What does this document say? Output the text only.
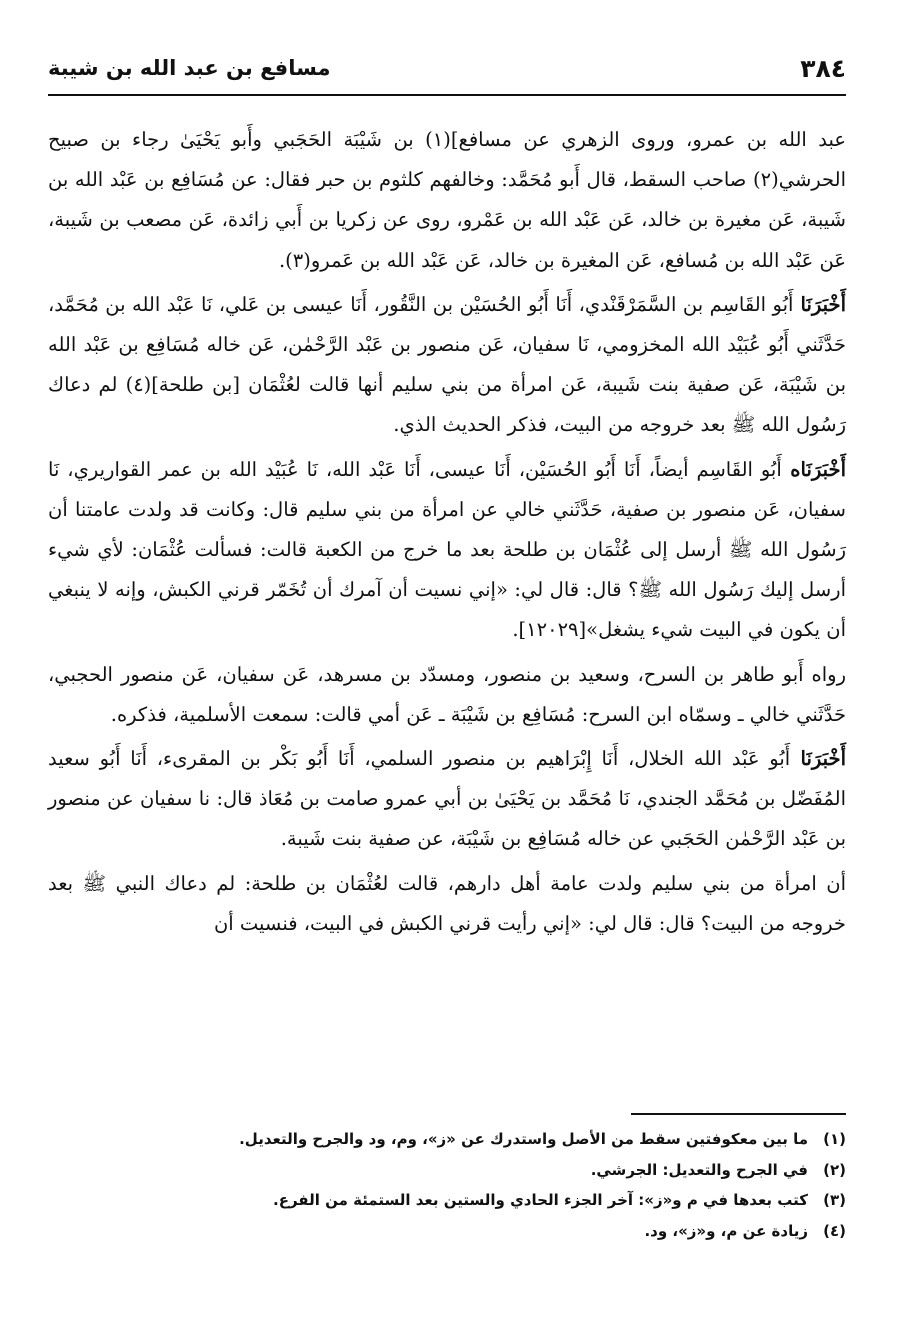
٣٨٤
مسافع بن عبد الله بن شيبة

عبد الله بن عمرو، وروى الزهري عن مسافع](١) بن شَيْبَة الحَجَبي وأَبو يَحْيَىٰ رجاء بن صبيح الحرشي(٢) صاحب السقط، قال أَبو مُحَمَّد: وخالفهم كلثوم بن حبر فقال: عن مُسَافِع بن عَبْد الله بن شَيبة، عَن مغيرة بن خالد، عَن عَبْد الله بن عَمْرو، روى عن زكريا بن أَبي زائدة، عَن مصعب بن شَيبة، عَن عَبْد الله بن مُسافع، عَن المغيرة بن خالد، عَن عَبْد الله بن عَمرو(٣).

أَخْبَرَنَا أَبُو القَاسِم بن السَّمَرْقَنْدي، أَنَا أَبُو الحُسَيْن بن النَّقُور، أَنَا عيسى بن عَلي، نَا عَبْد الله بن مُحَمَّد، حَدَّثَني أَبُو عُبَيْد الله المخزومي، نَا سفيان، عَن منصور بن عَبْد الرَّحْمٰن، عَن خاله مُسَافِع بن عَبْد الله بن شَيْبَة، عَن صفية بنت شَيبة، عَن امرأة من بني سليم أنها قالت لعُثْمَان [بن طلحة](٤) لم دعاك رَسُول الله ﷺ بعد خروجه من البيت، فذكر الحديث الذي.

أَخْبَرَنَاه أَبُو القَاسِم أيضاً، أَنَا أَبُو الحُسَيْن، أَنَا عيسى، أَنَا عَبْد الله، نَا عُبَيْد الله بن عمر القواريري، نَا سفيان، عَن منصور بن صفية، حَدَّثَني خالي عن امرأة من بني سليم قال: وكانت قد ولدت عامتنا أن رَسُول الله ﷺ أرسل إلى عُثْمَان بن طلحة بعد ما خرج من الكعبة قالت: فسألت عُثْمَان: لأي شيء أرسل إليك رَسُول الله ﷺ؟ قال: قال لي: «إني نسيت أن آمرك أن تُخَمّر قرني الكبش، وإنه لا ينبغي أن يكون في البيت شيء يشغل»[١٢٠٢٩].

رواه أَبو طاهر بن السرح، وسعيد بن منصور، ومسدّد بن مسرهد، عَن سفيان، عَن منصور الحجبي، حَدَّثَني خالي ـ وسمّاه ابن السرح: مُسَافِع بن شَيْبَة ـ عَن أمي قالت: سمعت الأسلمية، فذكره.

أَخْبَرَنَا أَبُو عَبْد الله الخلال، أَنَا إِبْرَاهيم بن منصور السلمي، أَنَا أَبُو بَكْر بن المقرىء، أَنَا أَبُو سعيد المُفَضّل بن مُحَمَّد الجندي، نَا مُحَمَّد بن يَحْيَىٰ بن أبي عمرو صامت بن مُعَاذ قال: نا سفيان عن منصور بن عَبْد الرَّحْمٰن الحَجَبي عن خاله مُسَافِع بن شَيْبَة، عن صفية بنت شَيبة.

أن امرأة من بني سليم ولدت عامة أهل دارهم، قالت لعُثْمَان بن طلحة: لم دعاك النبي ﷺ بعد خروجه من البيت؟ قال: قال لي: «إني رأيت قرني الكبش في البيت، فنسيت أن

(١)
ما بين معكوفتين سقط من الأصل واستدرك عن «ز»، وم، ود والجرح والتعديل.
(٢)
في الجرح والتعديل: الجرشي.
(٣)
كتب بعدها في م و«ز»: آخر الجزء الحادي والستين بعد الستمئة من الفرع.
(٤)
زيادة عن م، و«ز»، ود.
